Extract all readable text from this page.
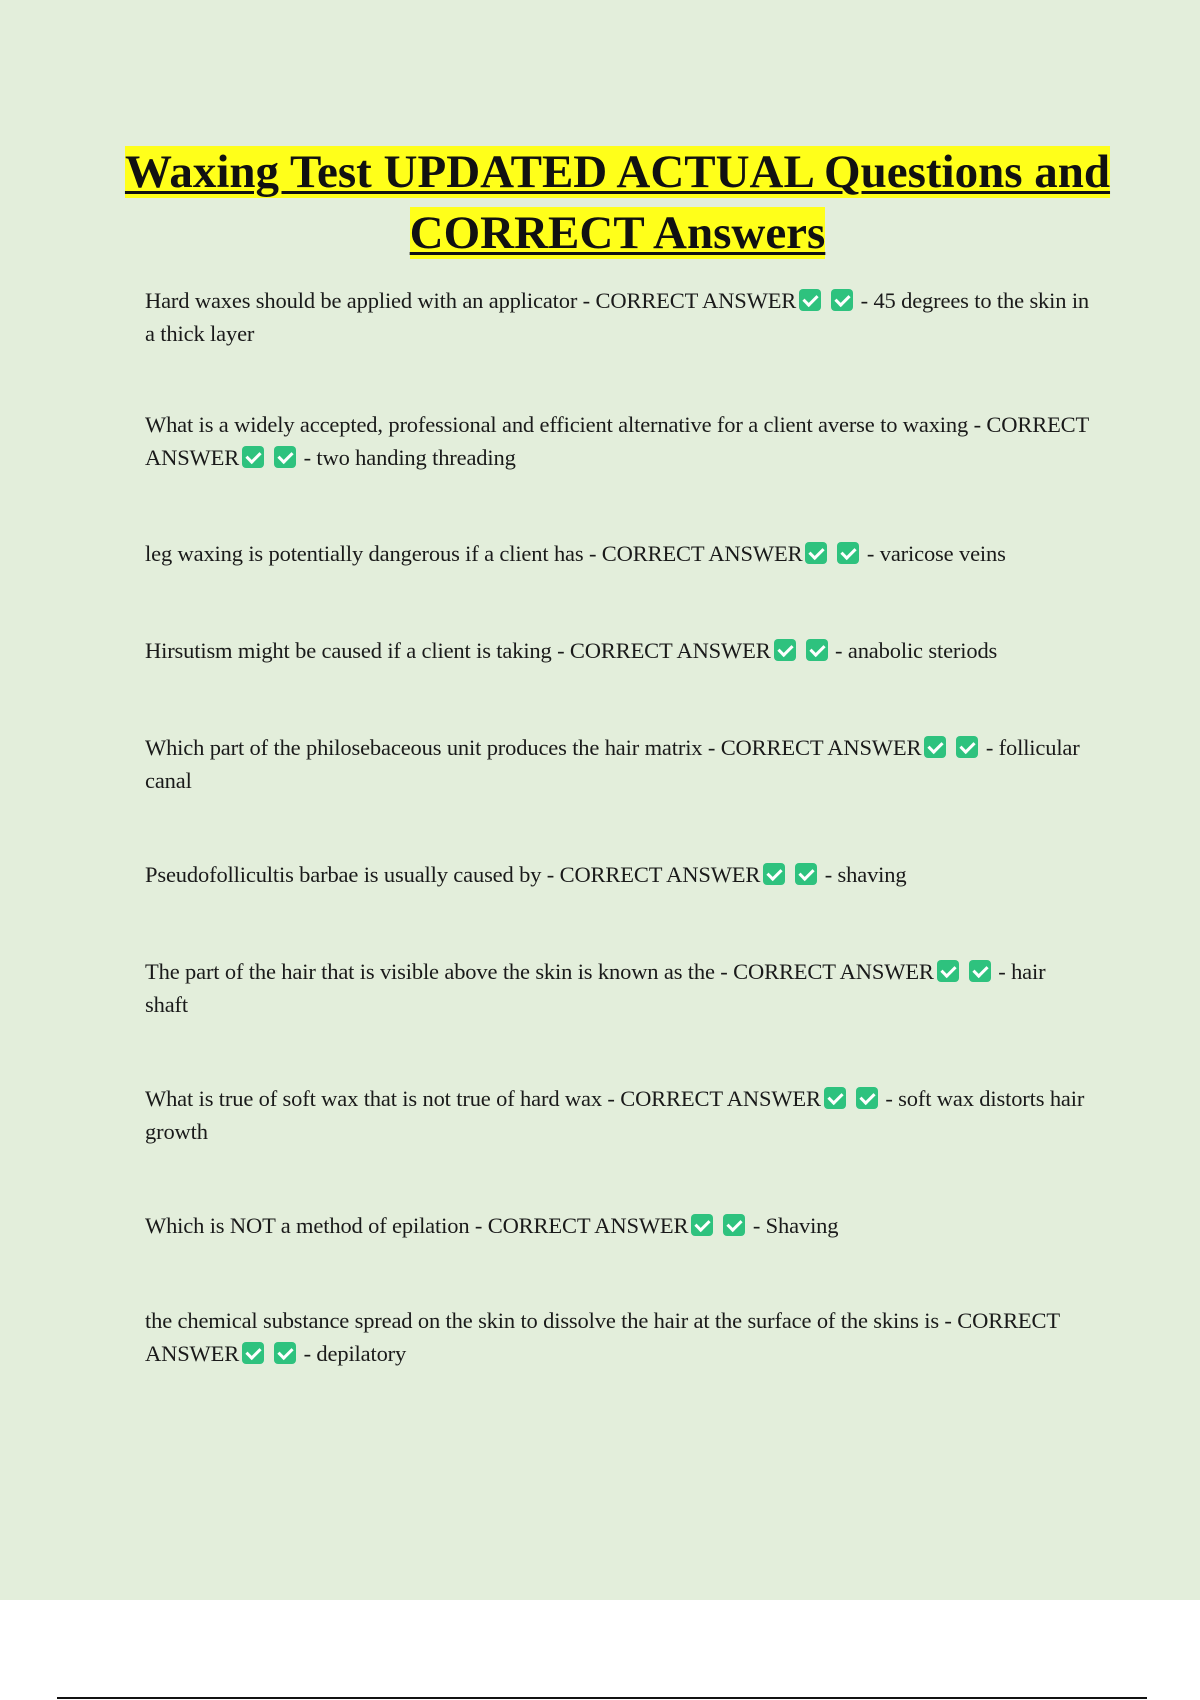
Waxing Test UPDATED ACTUAL Questions and CORRECT Answers

Hard waxes should be applied with an applicator - CORRECT ANSWER	- 45 degrees to the skin in a thick layer

What is a widely accepted, professional and efficient alternative for a client averse to waxing - CORRECT ANSWER	- two handing threading

leg waxing is potentially dangerous if a client has - CORRECT ANSWER	- varicose veins

Hirsutism might be caused if a client is taking - CORRECT ANSWER	- anabolic steriods

Which part of the philosebaceous unit produces the hair matrix - CORRECT ANSWER	- follicular canal

Pseudofollicultis barbae is usually caused by - CORRECT ANSWER	- shaving

The part of the hair that is visible above the skin is known as the - CORRECT ANSWER	- hair shaft

What is true of soft wax that is not true of hard wax - CORRECT ANSWER	- soft wax distorts hair growth

Which is NOT a method of epilation - CORRECT ANSWER	- Shaving

the chemical substance spread on the skin to dissolve the hair at the surface of the skins is - CORRECT ANSWER	- depilatory
